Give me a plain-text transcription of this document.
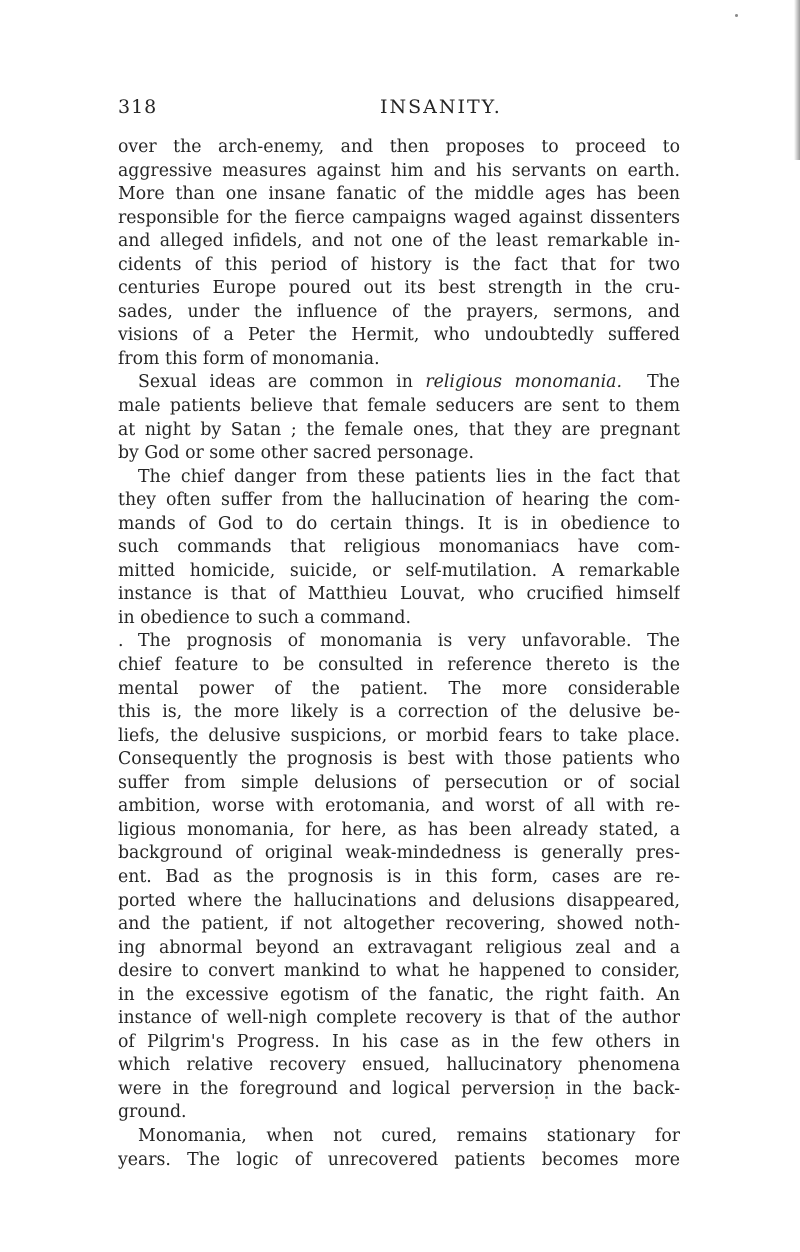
318	INSANITY.
over the arch-enemy, and then proposes to proceed to
aggressive measures against him and his servants on earth.
More than one insane fanatic of the middle ages has been
responsible for the fierce campaigns waged against dissenters
and alleged infidels, and not one of the least remarkable in-
cidents of this period of history is the fact that for two
centuries Europe poured out its best strength in the cru-
sades, under the influence of the prayers, sermons, and
visions of a Peter the Hermit, who undoubtedly suffered
from this form of monomania.
Sexual ideas are common in religious monomania.  The
male patients believe that female seducers are sent to them
at night by Satan ; the female ones, that they are pregnant
by God or some other sacred personage.
The chief danger from these patients lies in the fact that
they often suffer from the hallucination of hearing the com-
mands of God to do certain things. It is in obedience to
such commands that religious monomaniacs have com-
mitted homicide, suicide, or self-mutilation. A remarkable
instance is that of Matthieu Louvat, who crucified himself
in obedience to such a command.
. The prognosis of monomania is very unfavorable. The
chief feature to be consulted in reference thereto is the
mental power of the patient. The more considerable
this is, the more likely is a correction of the delusive be-
liefs, the delusive suspicions, or morbid fears to take place.
Consequently the prognosis is best with those patients who
suffer from simple delusions of persecution or of social
ambition, worse with erotomania, and worst of all with re-
ligious monomania, for here, as has been already stated, a
background of original weak-mindedness is generally pres-
ent. Bad as the prognosis is in this form, cases are re-
ported where the hallucinations and delusions disappeared,
and the patient, if not altogether recovering, showed noth-
ing abnormal beyond an extravagant religious zeal and a
desire to convert mankind to what he happened to consider,
in the excessive egotism of the fanatic, the right faith. An
instance of well-nigh complete recovery is that of the author
of Pilgrim's Progress. In his case as in the few others in
which relative recovery ensued, hallucinatory phenomena
were in the foreground and logical perversion in the back-
ground.
Monomania, when not cured, remains stationary for
years. The logic of unrecovered patients becomes more
